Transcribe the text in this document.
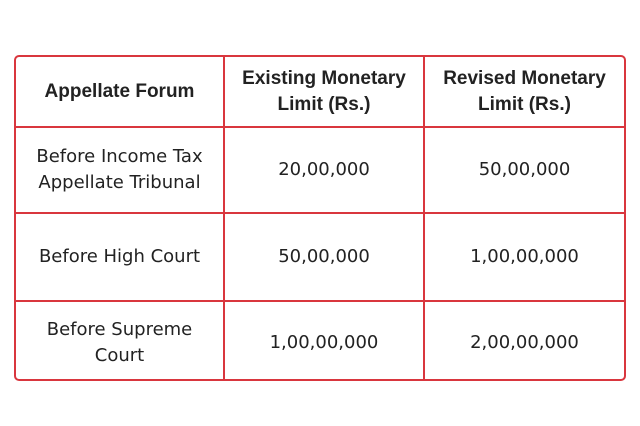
Appellate Forum	Existing Monetary Limit (Rs.)	Revised Monetary Limit (Rs.)
Before Income Tax Appellate Tribunal	20,00,000	50,00,000
Before High Court	50,00,000	1,00,00,000
Before Supreme Court	1,00,00,000	2,00,00,000
